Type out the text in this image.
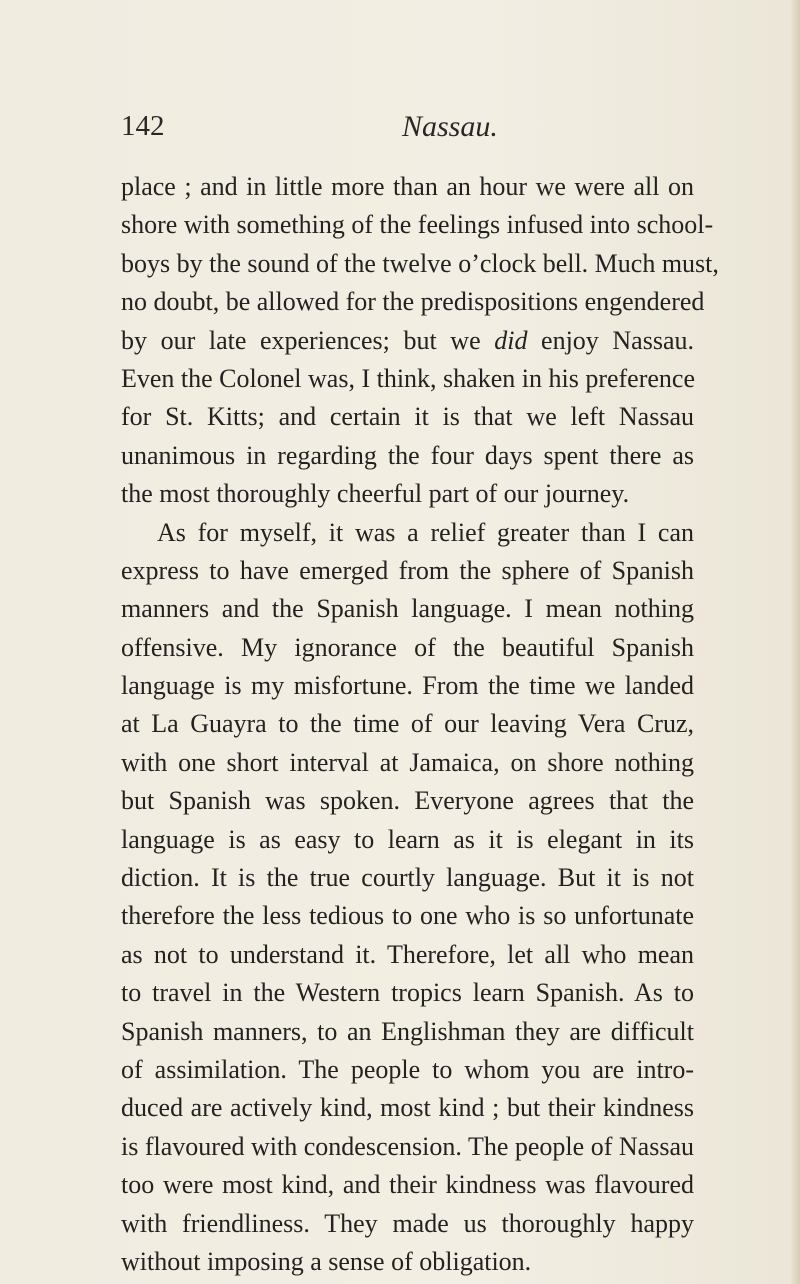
142	Nassau.
place ; and in little more than an hour we were all on
shore with something of the feelings infused into school-
boys by the sound of the twelve o’clock bell. Much must,
no doubt, be allowed for the predispositions engendered
by our late experiences; but we did enjoy Nassau.
Even the Colonel was, I think, shaken in his preference
for St. Kitts; and certain it is that we left Nassau
unanimous in regarding the four days spent there as
the most thoroughly cheerful part of our journey.
As for myself, it was a relief greater than I can
express to have emerged from the sphere of Spanish
manners and the Spanish language. I mean nothing
offensive. My ignorance of the beautiful Spanish
language is my misfortune. From the time we landed
at La Guayra to the time of our leaving Vera Cruz,
with one short interval at Jamaica, on shore nothing
but Spanish was spoken. Everyone agrees that the
language is as easy to learn as it is elegant in its
diction. It is the true courtly language. But it is not
therefore the less tedious to one who is so unfortunate
as not to understand it. Therefore, let all who mean
to travel in the Western tropics learn Spanish. As to
Spanish manners, to an Englishman they are difficult
of assimilation. The people to whom you are intro-
duced are actively kind, most kind ; but their kindness
is flavoured with condescension. The people of Nassau
too were most kind, and their kindness was flavoured
with friendliness. They made us thoroughly happy
without imposing a sense of obligation.
